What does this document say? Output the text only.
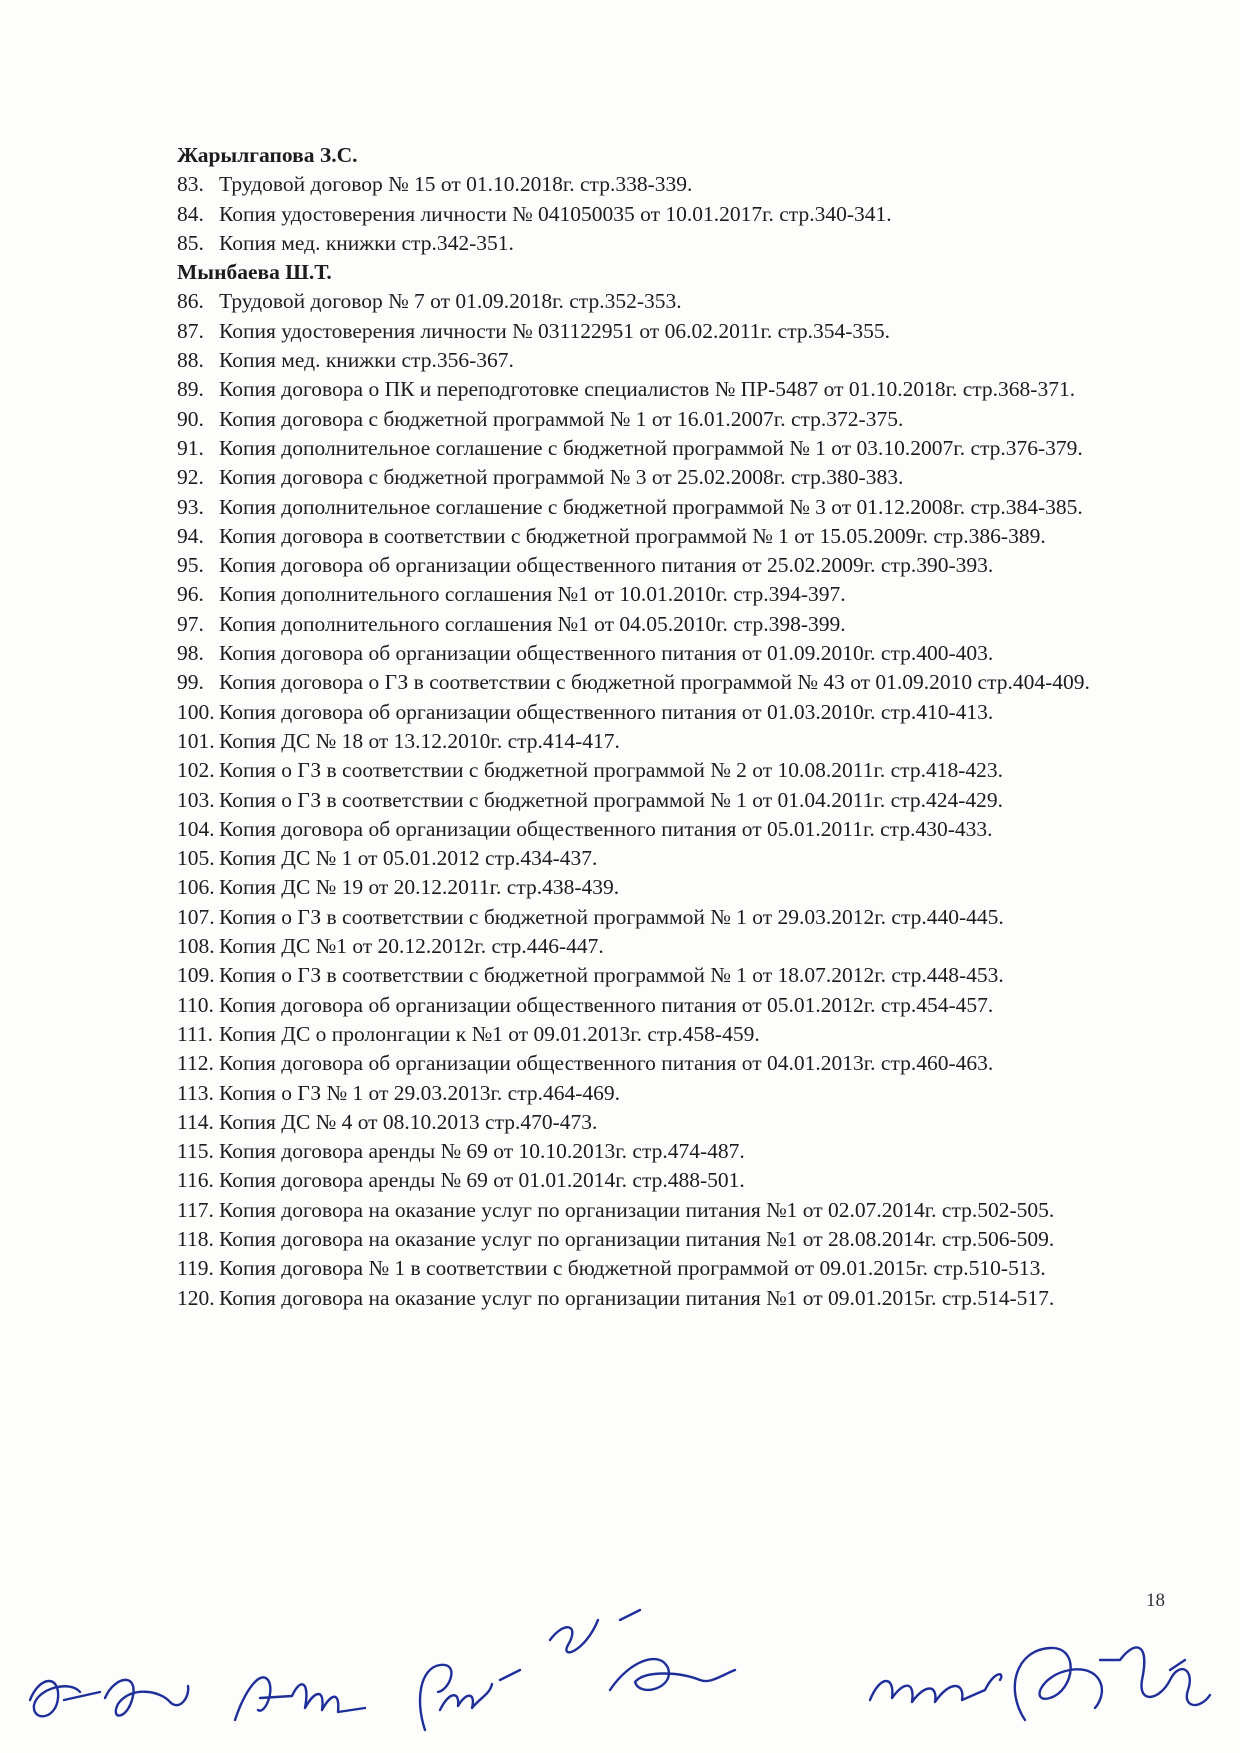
Жарылгапова З.С.
83. Трудовой договор № 15 от 01.10.2018г. стр.338-339.
84. Копия удостоверения личности № 041050035 от 10.01.2017г. стр.340-341.
85. Копия мед. книжки стр.342-351.
Мынбаева Ш.Т.
86. Трудовой договор № 7 от 01.09.2018г. стр.352-353.
87. Копия удостоверения личности № 031122951 от 06.02.2011г. стр.354-355.
88. Копия мед. книжки стр.356-367.
89. Копия договора о ПК и переподготовке специалистов № ПР-5487 от 01.10.2018г. стр.368-371.
90. Копия договора с бюджетной программой № 1 от 16.01.2007г. стр.372-375.
91. Копия дополнительное соглашение с бюджетной программой № 1 от 03.10.2007г. стр.376-379.
92. Копия договора с бюджетной программой № 3 от 25.02.2008г. стр.380-383.
93. Копия дополнительное соглашение с бюджетной программой № 3 от 01.12.2008г. стр.384-385.
94. Копия договора в соответствии с бюджетной программой № 1 от 15.05.2009г. стр.386-389.
95. Копия договора об организации общественного питания от 25.02.2009г. стр.390-393.
96. Копия дополнительного соглашения №1 от 10.01.2010г. стр.394-397.
97. Копия дополнительного соглашения №1 от 04.05.2010г. стр.398-399.
98. Копия договора об организации общественного питания от 01.09.2010г. стр.400-403.
99. Копия договора о ГЗ в соответствии с бюджетной программой № 43 от 01.09.2010 стр.404-409.
100. Копия договора об организации общественного питания от 01.03.2010г. стр.410-413.
101. Копия ДС № 18 от 13.12.2010г. стр.414-417.
102. Копия о ГЗ в соответствии с бюджетной программой № 2 от 10.08.2011г. стр.418-423.
103. Копия о ГЗ в соответствии с бюджетной программой № 1 от 01.04.2011г. стр.424-429.
104. Копия договора об организации общественного питания от 05.01.2011г. стр.430-433.
105. Копия ДС № 1 от 05.01.2012 стр.434-437.
106. Копия ДС № 19 от 20.12.2011г. стр.438-439.
107. Копия о ГЗ в соответствии с бюджетной программой № 1 от 29.03.2012г. стр.440-445.
108. Копия ДС №1 от 20.12.2012г. стр.446-447.
109. Копия о ГЗ в соответствии с бюджетной программой № 1 от 18.07.2012г. стр.448-453.
110. Копия договора об организации общественного питания от 05.01.2012г. стр.454-457.
111. Копия ДС о пролонгации к №1 от 09.01.2013г. стр.458-459.
112. Копия договора об организации общественного питания от 04.01.2013г. стр.460-463.
113. Копия о ГЗ № 1 от 29.03.2013г. стр.464-469.
114. Копия ДС № 4 от 08.10.2013 стр.470-473.
115. Копия договора аренды № 69 от 10.10.2013г. стр.474-487.
116. Копия договора аренды № 69 от 01.01.2014г. стр.488-501.
117. Копия договора на оказание услуг по организации питания №1 от 02.07.2014г. стр.502-505.
118. Копия договора на оказание услуг по организации питания №1 от 28.08.2014г. стр.506-509.
119. Копия договора № 1 в соответствии с бюджетной программой от 09.01.2015г. стр.510-513.
120. Копия договора на оказание услуг по организации питания №1 от 09.01.2015г. стр.514-517.
18
